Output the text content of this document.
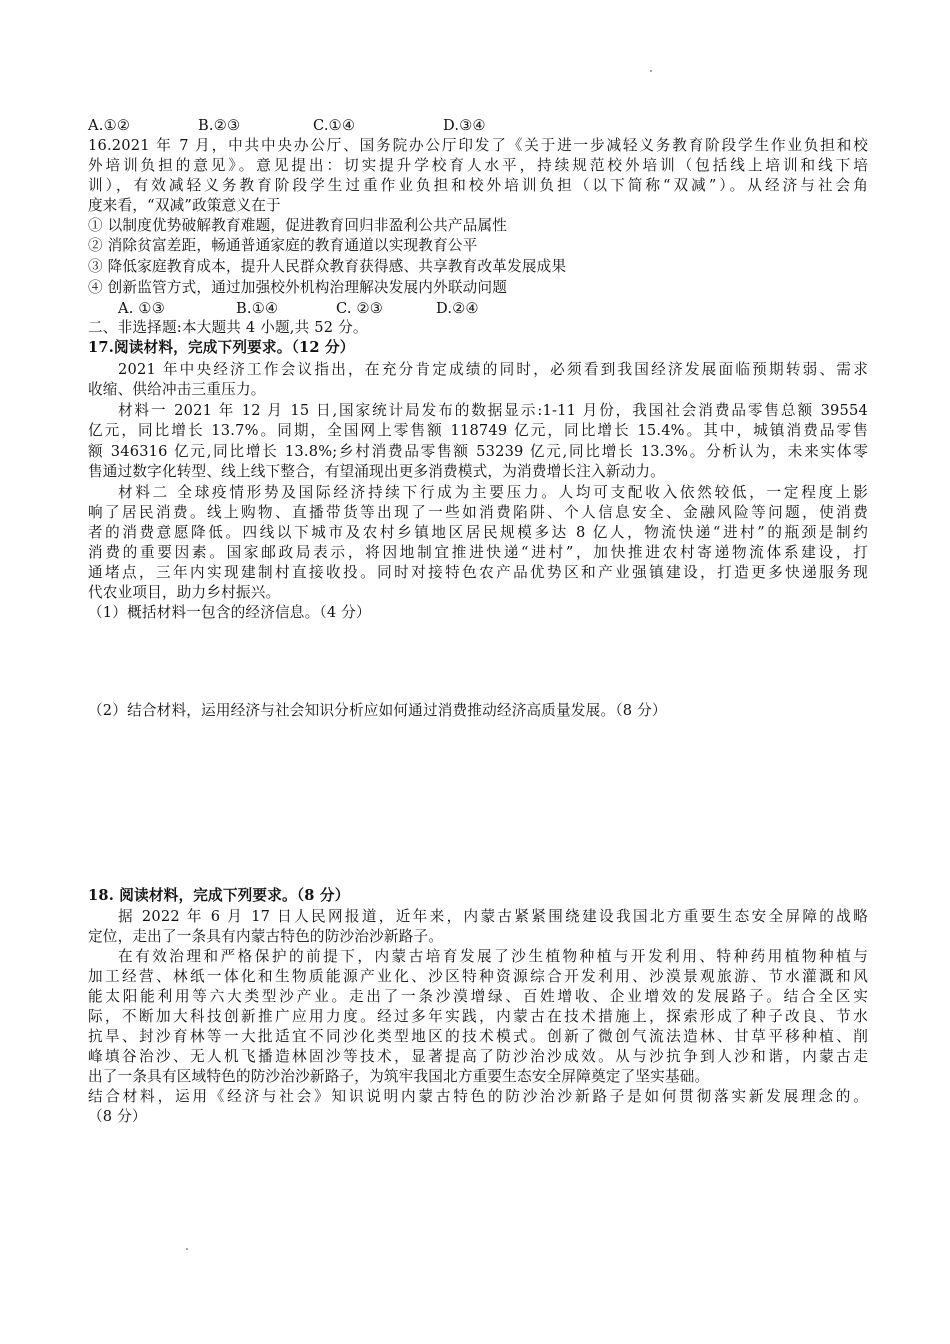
A.①②	B.②③	C.①④	D.③④
16.2021 年 7 月，中共中央办公厅、国务院办公厅印发了《关于进一步减轻义务教育阶段学生作业负担和校
外培训负担的意见》。意见提出：切实提升学校育人水平，持续规范校外培训（包括线上培训和线下培
训），有效减轻义务教育阶段学生过重作业负担和校外培训负担（以下简称“双减”）。从经济与社会角
度来看，“双减”政策意义在于
① 以制度优势破解教育难题，促进教育回归非盈利公共产品属性
② 消除贫富差距，畅通普通家庭的教育通道以实现教育公平
③ 降低家庭教育成本，提升人民群众教育获得感、共享教育改革发展成果
④ 创新监管方式，通过加强校外机构治理解决发展内外联动问题
A. ①③	B.①④	C. ②③	D.②④
二、非选择题:本大题共 4 小题,共 52 分。
17.阅读材料，完成下列要求。（12 分）
2021 年中央经济工作会议指出，在充分肯定成绩的同时，必须看到我国经济发展面临预期转弱、需求
收缩、供给冲击三重压力。
材料一 2021 年 12 月 15 日,国家统计局发布的数据显示:1-11 月份，我国社会消费品零售总额 39554
亿元，同比增长 13.7%。同期，全国网上零售额 118749 亿元，同比增长 15.4%。其中，城镇消费品零售
额 346316 亿元,同比增长 13.8%;乡村消费品零售额 53239 亿元,同比增长 13.3%。分析认为，未来实体零
售通过数字化转型、线上线下整合，有望涌现出更多消费模式，为消费增长注入新动力。
材料二 全球疫情形势及国际经济持续下行成为主要压力。人均可支配收入依然较低，一定程度上影
响了居民消费。线上购物、直播带货等出现了一些如消费陷阱、个人信息安全、金融风险等问题，使消费
者的消费意愿降低。四线以下城市及农村乡镇地区居民规模多达 8 亿人，物流快递“进村”的瓶颈是制约
消费的重要因素。国家邮政局表示，将因地制宜推进快递“进村”，加快推进农村寄递物流体系建设，打
通堵点，三年内实现建制村直接收投。同时对接特色农产品优势区和产业强镇建设，打造更多快递服务现
代农业项目，助力乡村振兴。
（1）概括材料一包含的经济信息。（4 分）
（2）结合材料，运用经济与社会知识分析应如何通过消费推动经济高质量发展。（8 分）
18. 阅读材料，完成下列要求。（8 分）
据 2022 年 6 月 17 日人民网报道，近年来，内蒙古紧紧围绕建设我国北方重要生态安全屏障的战略
定位，走出了一条具有内蒙古特色的防沙治沙新路子。
在有效治理和严格保护的前提下，内蒙古培育发展了沙生植物种植与开发利用、特种药用植物种植与
加工经营、林纸一体化和生物质能源产业化、沙区特种资源综合开发利用、沙漠景观旅游、节水灌溉和风
能太阳能利用等六大类型沙产业。走出了一条沙漠增绿、百姓增收、企业增效的发展路子。结合全区实
际，不断加大科技创新推广应用力度。经过多年实践，内蒙古在技术措施上，探索形成了种子改良、节水
抗旱、封沙育林等一大批适宜不同沙化类型地区的技术模式。创新了微创气流法造林、甘草平移种植、削
峰填谷治沙、无人机飞播造林固沙等技术，显著提高了防沙治沙成效。从与沙抗争到人沙和谐，内蒙古走
出了一条具有区域特色的防沙治沙新路子，为筑牢我国北方重要生态安全屏障奠定了坚实基础。
结合材料，运用《经济与社会》知识说明内蒙古特色的防沙治沙新路子是如何贯彻落实新发展理念的。
（8 分）
